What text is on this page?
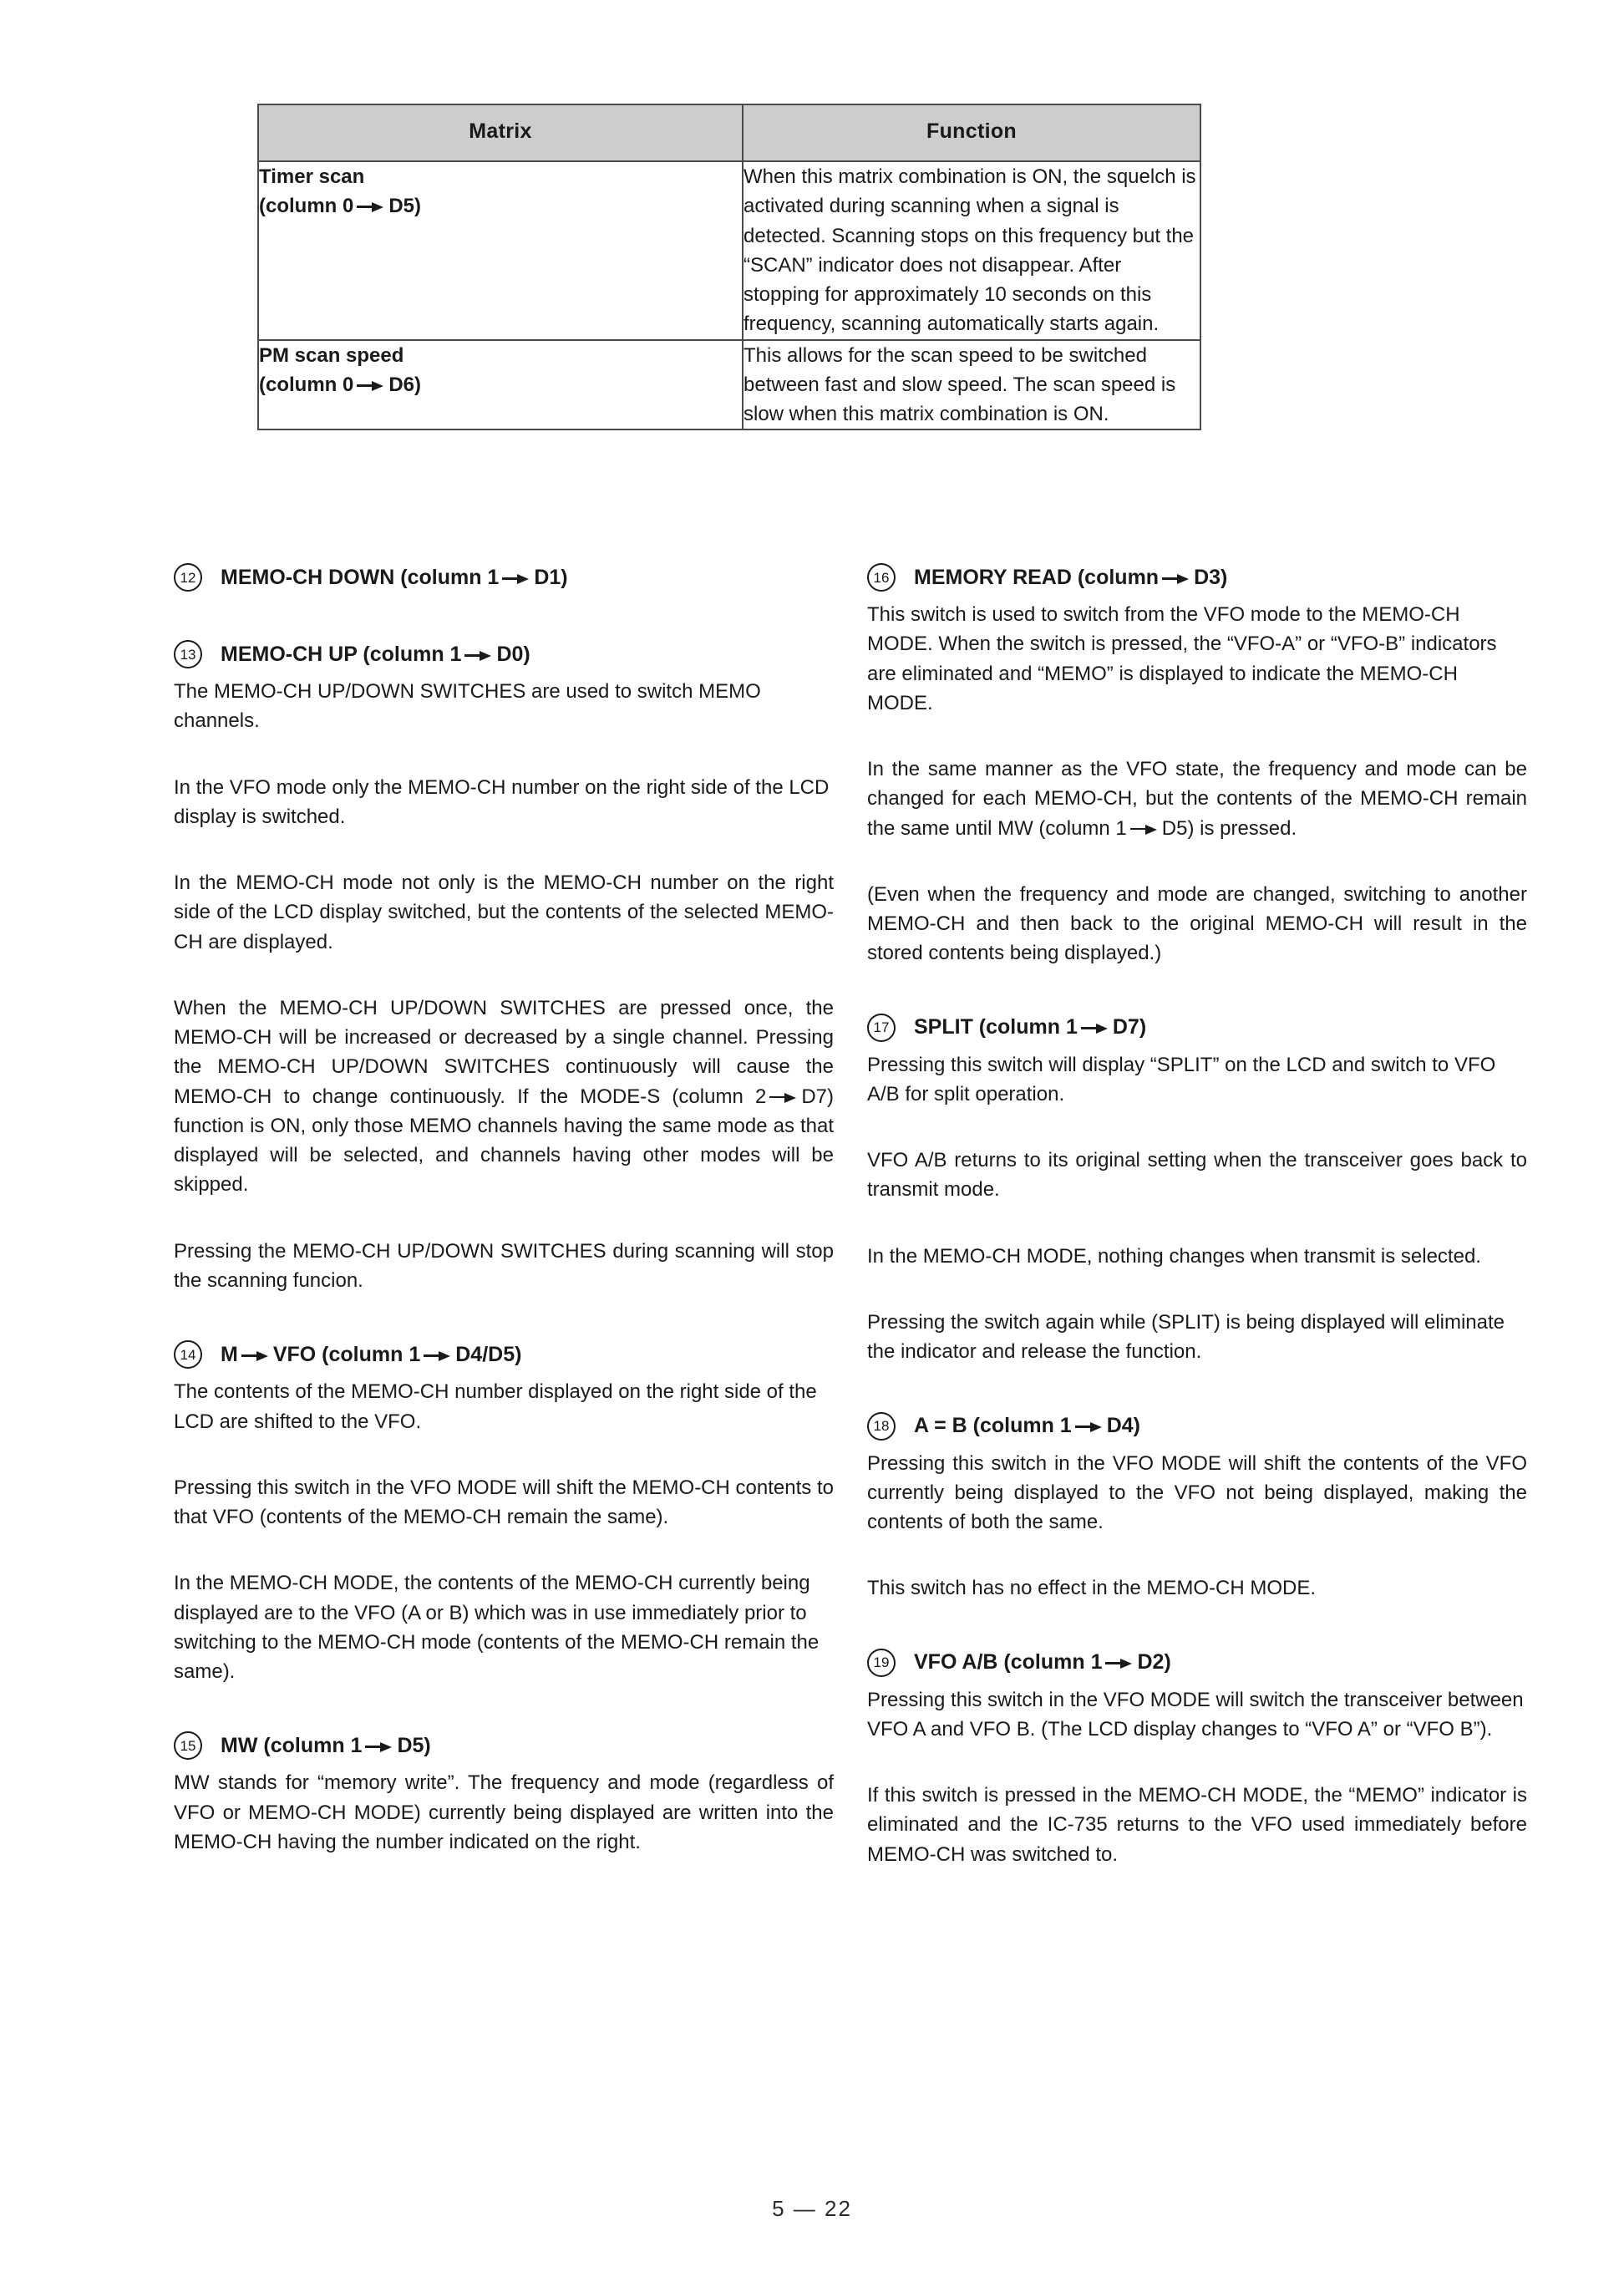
Matrix	Function

Timer scan
(column 0 D5)	When this matrix combination is ON, the squelch is activated during scanning when a signal is detected. Scanning stops on this frequency but the “SCAN” indicator does not disappear. After stopping for approximately 10 seconds on this frequency, scanning automatically starts again.

PM scan speed
(column 0 D6)	This allows for the scan speed to be switched between fast and slow speed. The scan speed is slow when this matrix combination is ON.

12	MEMO-CH DOWN (column 1 D1)
13	MEMO-CH UP (column 1 D0)

The MEMO-CH UP/DOWN SWITCHES are used to switch MEMO channels.

In the VFO mode only the MEMO-CH number on the right side of the LCD display is switched.

In the MEMO-CH mode not only is the MEMO-CH number on the right side of the LCD display switched, but the contents of the selected MEMO-CH are displayed.

When the MEMO-CH UP/DOWN SWITCHES are pressed once, the MEMO-CH will be increased or decreased by a single channel. Pressing the MEMO-CH UP/DOWN SWITCHES continuously will cause the MEMO-CH to change continuously. If the MODE-S (column 2 D7) function is ON, only those MEMO channels having the same mode as that displayed will be selected, and channels having other modes will be skipped.

Pressing the MEMO-CH UP/DOWN SWITCHES during scanning will stop the scanning funcion.

14	M VFO (column 1 D4/D5)

The contents of the MEMO-CH number displayed on the right side of the LCD are shifted to the VFO.

Pressing this switch in the VFO MODE will shift the MEMO-CH contents to that VFO (contents of the MEMO-CH remain the same).

In the MEMO-CH MODE, the contents of the MEMO-CH currently being displayed are to the VFO (A or B) which was in use immediately prior to switching to the MEMO-CH mode (contents of the MEMO-CH remain the same).

15	MW (column 1 D5)

MW stands for “memory write”. The frequency and mode (regardless of VFO or MEMO-CH MODE) currently being displayed are written into the MEMO-CH having the number indicated on the right.

16	MEMORY READ (column D3)

This switch is used to switch from the VFO mode to the MEMO-CH MODE. When the switch is pressed, the “VFO-A” or “VFO-B” indicators are eliminated and “MEMO” is displayed to indicate the MEMO-CH MODE.

In the same manner as the VFO state, the frequency and mode can be changed for each MEMO-CH, but the contents of the MEMO-CH remain the same until MW (column 1 D5) is pressed.

(Even when the frequency and mode are changed, switching to another MEMO-CH and then back to the original MEMO-CH will result in the stored contents being displayed.)

17	SPLIT (column 1 D7)

Pressing this switch will display “SPLIT” on the LCD and switch to VFO A/B for split operation.

VFO A/B returns to its original setting when the transceiver goes back to transmit mode.

In the MEMO-CH MODE, nothing changes when transmit is selected.

Pressing the switch again while (SPLIT) is being displayed will eliminate the indicator and release the function.

18	A = B (column 1 D4)

Pressing this switch in the VFO MODE will shift the contents of the VFO currently being displayed to the VFO not being displayed, making the contents of both the same.

This switch has no effect in the MEMO-CH MODE.

19	VFO A/B (column 1 D2)

Pressing this switch in the VFO MODE will switch the transceiver between VFO A and VFO B. (The LCD display changes to “VFO A” or “VFO B”).

If this switch is pressed in the MEMO-CH MODE, the “MEMO” indicator is eliminated and the IC-735 returns to the VFO used immediately before MEMO-CH was switched to.

5 — 22
